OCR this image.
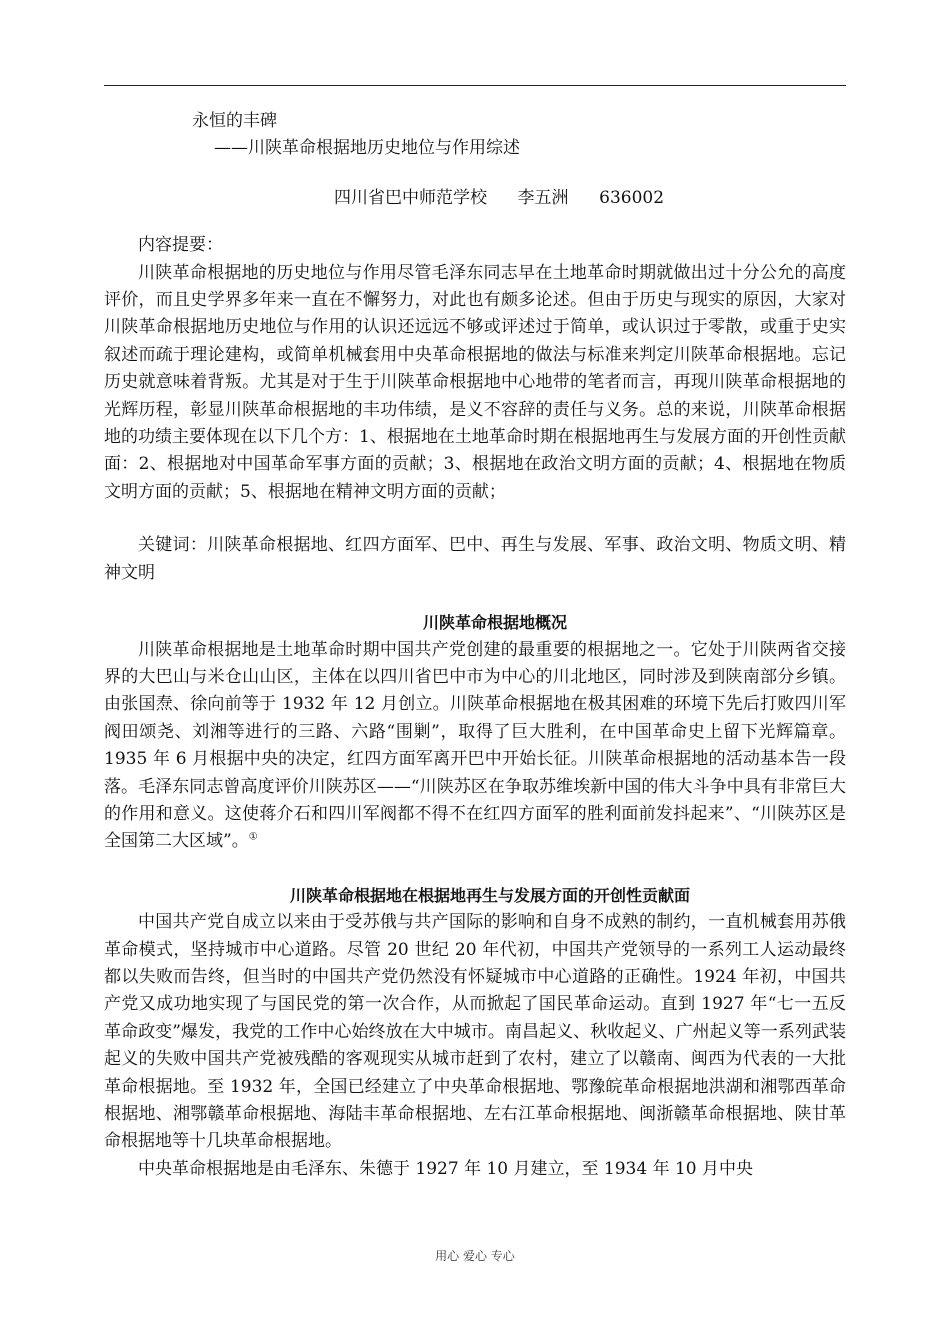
永恒的丰碑

——川陕革命根据地历史地位与作用综述

四川省巴中师范学校 李五洲 636002

内容提要：

川陕革命根据地的历史地位与作用尽管毛泽东同志早在土地革命时期就做出过十分公允的高度评价，而且史学界多年来一直在不懈努力，对此也有颇多论述。但由于历史与现实的原因，大家对川陕革命根据地历史地位与作用的认识还远远不够或评述过于简单，或认识过于零散，或重于史实叙述而疏于理论建构，或简单机械套用中央革命根据地的做法与标准来判定川陕革命根据地。忘记历史就意味着背叛。尤其是对于生于川陕革命根据地中心地带的笔者而言，再现川陕革命根据地的光辉历程，彰显川陕革命根据地的丰功伟绩，是义不容辞的责任与义务。总的来说，川陕革命根据地的功绩主要体现在以下几个方：1、根据地在土地革命时期在根据地再生与发展方面的开创性贡献面：2、根据地对中国革命军事方面的贡献；3、根据地在政治文明方面的贡献；4、根据地在物质文明方面的贡献；5、根据地在精神文明方面的贡献；

关键词：川陕革命根据地、红四方面军、巴中、再生与发展、军事、政治文明、物质文明、精神文明

川陕革命根据地概况

川陕革命根据地是土地革命时期中国共产党创建的最重要的根据地之一。它处于川陕两省交接界的大巴山与米仓山山区，主体在以四川省巴中市为中心的川北地区，同时涉及到陕南部分乡镇。由张国焘、徐向前等于 1932 年 12 月创立。川陕革命根据地在极其困难的环境下先后打败四川军阀田颂尧、刘湘等进行的三路、六路“围剿”，取得了巨大胜利，在中国革命史上留下光辉篇章。1935 年 6 月根据中央的决定，红四方面军离开巴中开始长征。川陕革命根据地的活动基本告一段落。毛泽东同志曾高度评价川陕苏区——“川陕苏区在争取苏维埃新中国的伟大斗争中具有非常巨大的作用和意义。这使蒋介石和四川军阀都不得不在红四方面军的胜利面前发抖起来”、“川陕苏区是全国第二大区域”。①

川陕革命根据地在根据地再生与发展方面的开创性贡献面

中国共产党自成立以来由于受苏俄与共产国际的影响和自身不成熟的制约，一直机械套用苏俄革命模式，坚持城市中心道路。尽管 20 世纪 20 年代初，中国共产党领导的一系列工人运动最终都以失败而告终，但当时的中国共产党仍然没有怀疑城市中心道路的正确性。1924 年初，中国共产党又成功地实现了与国民党的第一次合作，从而掀起了国民革命运动。直到 1927 年“七一五反革命政变”爆发，我党的工作中心始终放在大中城市。南昌起义、秋收起义、广州起义等一系列武装起义的失败中国共产党被残酷的客观现实从城市赶到了农村，建立了以赣南、闽西为代表的一大批革命根据地。至 1932 年，全国已经建立了中央革命根据地、鄂豫皖革命根据地洪湖和湘鄂西革命根据地、湘鄂赣革命根据地、海陆丰革命根据地、左右江革命根据地、闽浙赣革命根据地、陕甘革命根据地等十几块革命根据地。

中央革命根据地是由毛泽东、朱德于 1927 年 10 月建立，至 1934 年 10 月中央

用心 爱心 专心
